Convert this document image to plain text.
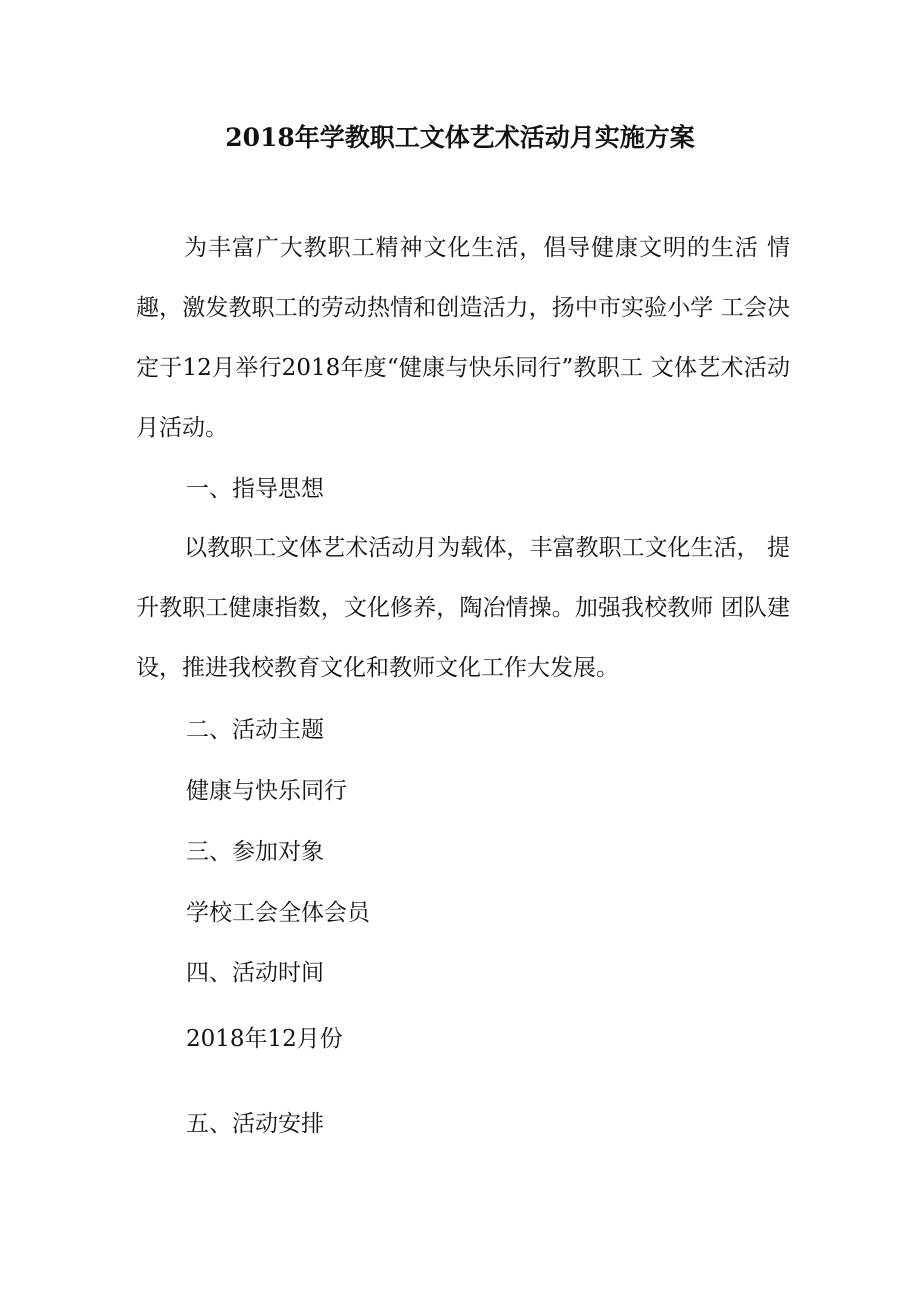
2018年学教职工文体艺术活动月实施方案
为丰富广大教职工精神文化生活，倡导健康文明的生活 情趣，激发教职工的劳动热情和创造活力，扬中市实验小学 工会决定于12月举行2018年度“健康与快乐同行”教职工 文体艺术活动月活动。
一、指导思想
以教职工文体艺术活动月为载体，丰富教职工文化生活， 提升教职工健康指数，文化修养，陶冶情操。加强我校教师 团队建设，推进我校教育文化和教师文化工作大发展。
二、活动主题
健康与快乐同行
三、参加对象
学校工会全体会员
四、活动时间
2018年12月份
五、活动安排
